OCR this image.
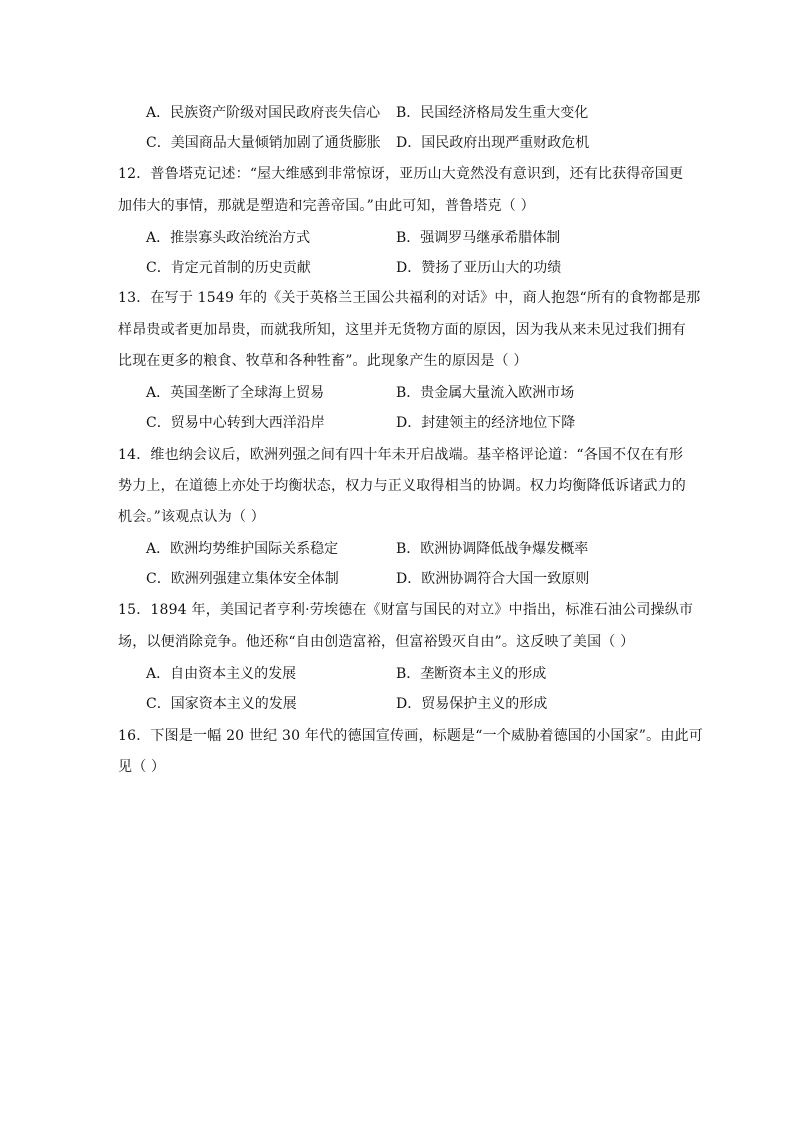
A．民族资产阶级对国民政府丧失信心 B．民国经济格局发生重大变化
C．美国商品大量倾销加剧了通货膨胀 D．国民政府出现严重财政危机
12．普鲁塔克记述：“屋大维感到非常惊讶，亚历山大竟然没有意识到，还有比获得帝国更
加伟大的事情，那就是塑造和完善帝国。”由此可知，普鲁塔克（ ）
A．推崇寡头政治统治方式	B．强调罗马继承希腊体制
C．肯定元首制的历史贡献	D．赞扬了亚历山大的功绩
13．在写于 1549 年的《关于英格兰王国公共福利的对话》中，商人抱怨“所有的食物都是那
样昂贵或者更加昂贵，而就我所知，这里并无货物方面的原因，因为我从来未见过我们拥有
比现在更多的粮食、牧草和各种牲畜”。此现象产生的原因是（ ）
A．英国垄断了全球海上贸易	B．贵金属大量流入欧洲市场
C．贸易中心转到大西洋沿岸	D．封建领主的经济地位下降
14．维也纳会议后，欧洲列强之间有四十年未开启战端。基辛格评论道：“各国不仅在有形
势力上，在道德上亦处于均衡状态，权力与正义取得相当的协调。权力均衡降低诉诸武力的
机会。”该观点认为（ ）
A．欧洲均势维护国际关系稳定	B．欧洲协调降低战争爆发概率
C．欧洲列强建立集体安全体制	D．欧洲协调符合大国一致原则
15．1894 年，美国记者亨利·劳埃德在《财富与国民的对立》中指出，标准石油公司操纵市
场，以便消除竞争。他还称“自由创造富裕，但富裕毁灭自由”。这反映了美国（ ）
A．自由资本主义的发展	B．垄断资本主义的形成
C．国家资本主义的发展	D．贸易保护主义的形成
16．下图是一幅 20 世纪 30 年代的德国宣传画，标题是“一个威胁着德国的小国家”。由此可
见（ ）
